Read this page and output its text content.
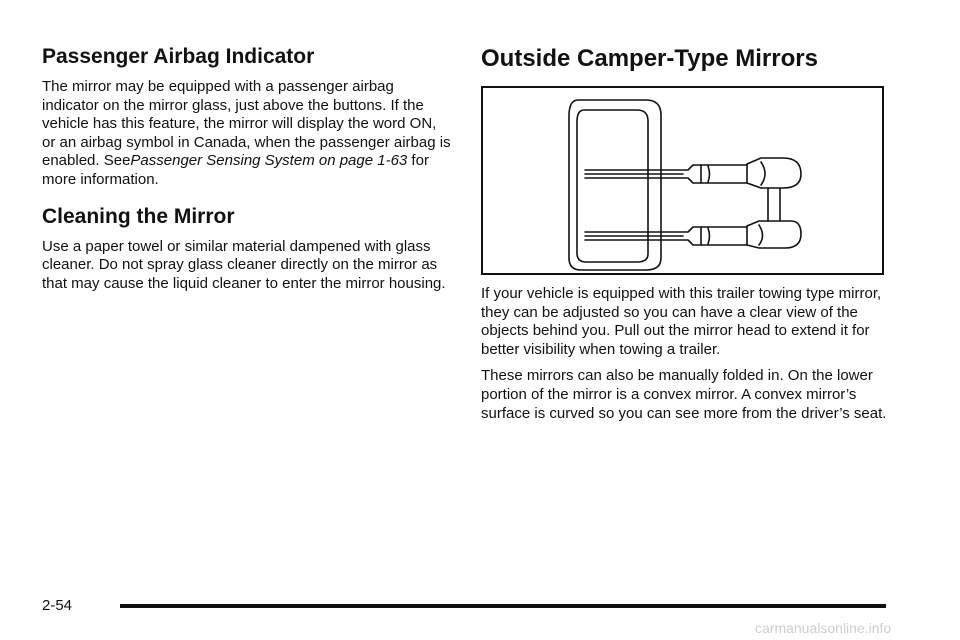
Passenger Airbag Indicator

The mirror may be equipped with a passenger airbag indicator on the mirror glass, just above the buttons. If the vehicle has this feature, the mirror will display the word ON, or an airbag symbol in Canada, when the passenger airbag is enabled. SeePassenger Sensing System on page 1-63 for more information.

Cleaning the Mirror

Use a paper towel or similar material dampened with glass cleaner. Do not spray glass cleaner directly on the mirror as that may cause the liquid cleaner to enter the mirror housing.

Outside Camper-Type Mirrors

If your vehicle is equipped with this trailer towing type mirror, they can be adjusted so you can have a clear view of the objects behind you. Pull out the mirror head to extend it for better visibility when towing a trailer.

These mirrors can also be manually folded in. On the lower portion of the mirror is a convex mirror. A convex mirror’s surface is curved so you can see more from the driver’s seat.

2-54
carmanualsonline.info
